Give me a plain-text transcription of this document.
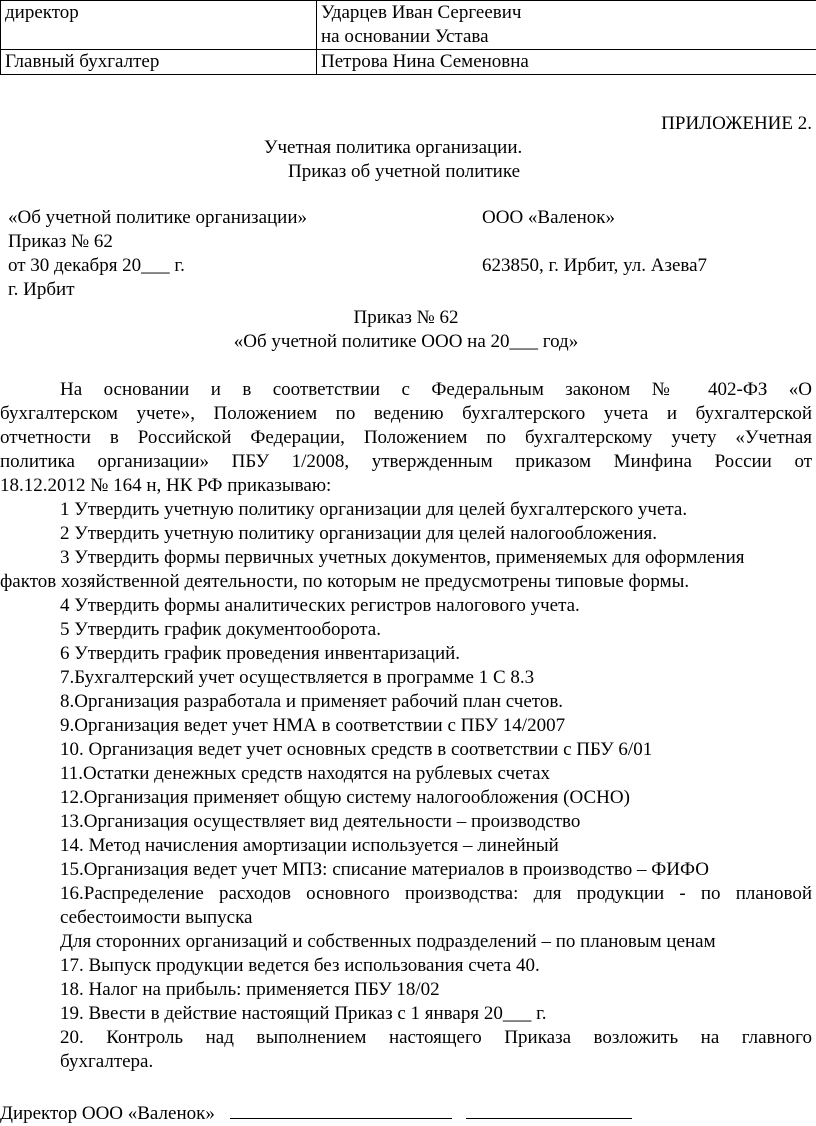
директор	Ударцев Иван Сергеевич
на основании Устава

Главный бухгалтер	Петрова Нина Семеновна
ПРИЛОЖЕНИЕ 2.
Учетная политика организации.
Приказ об учетной политике
«Об учетной политике организации»	ООО «Валенок»
Приказ № 62
от 30 декабря 20___ г.	623850, г. Ирбит, ул. Азева7
г. Ирбит
Приказ № 62
«Об учетной политике ООО на 20___ год»
На основании и в соответствии с Федеральным законом № 402-ФЗ «О
бухгалтерском учете», Положением по ведению бухгалтерского учета и бухгалтерской
отчетности в Российской Федерации, Положением по бухгалтерскому учету «Учетная
политика организации» ПБУ 1/2008, утвержденным приказом Минфина России от
18.12.2012 № 164 н, НК РФ приказываю:
1 Утвердить учетную политику организации для целей бухгалтерского учета.
2 Утвердить учетную политику организации для целей налогообложения.
3 Утвердить формы первичных учетных документов, применяемых для оформления
фактов хозяйственной деятельности, по которым не предусмотрены типовые формы.
4 Утвердить формы аналитических регистров налогового учета.
5 Утвердить график документооборота.
6 Утвердить график проведения инвентаризаций.
7.Бухгалтерский учет осуществляется в программе 1 С 8.3
8.Организация разработала и применяет рабочий план счетов.
9.Организация ведет учет НМА в соответствии с ПБУ 14/2007
10. Организация ведет учет основных средств в соответствии с ПБУ 6/01
11.Остатки денежных средств находятся на рублевых счетах
12.Организация применяет общую систему налогообложения (ОСНО)
13.Организация осуществляет вид деятельности – производство
14. Метод начисления амортизации используется – линейный
15.Организация ведет учет МПЗ: списание материалов в производство – ФИФО
16.Распределение расходов основного производства: для продукции - по плановой
себестоимости выпуска
Для сторонних организаций и собственных подразделений – по плановым ценам
17. Выпуск продукции ведется без использования счета 40.
18. Налог на прибыль: применяется ПБУ 18/02
19. Ввести в действие настоящий Приказ с 1 января 20___ г.
20. Контроль над выполнением настоящего Приказа возложить на главного
бухгалтера.
Директор ООО «Валенок»
